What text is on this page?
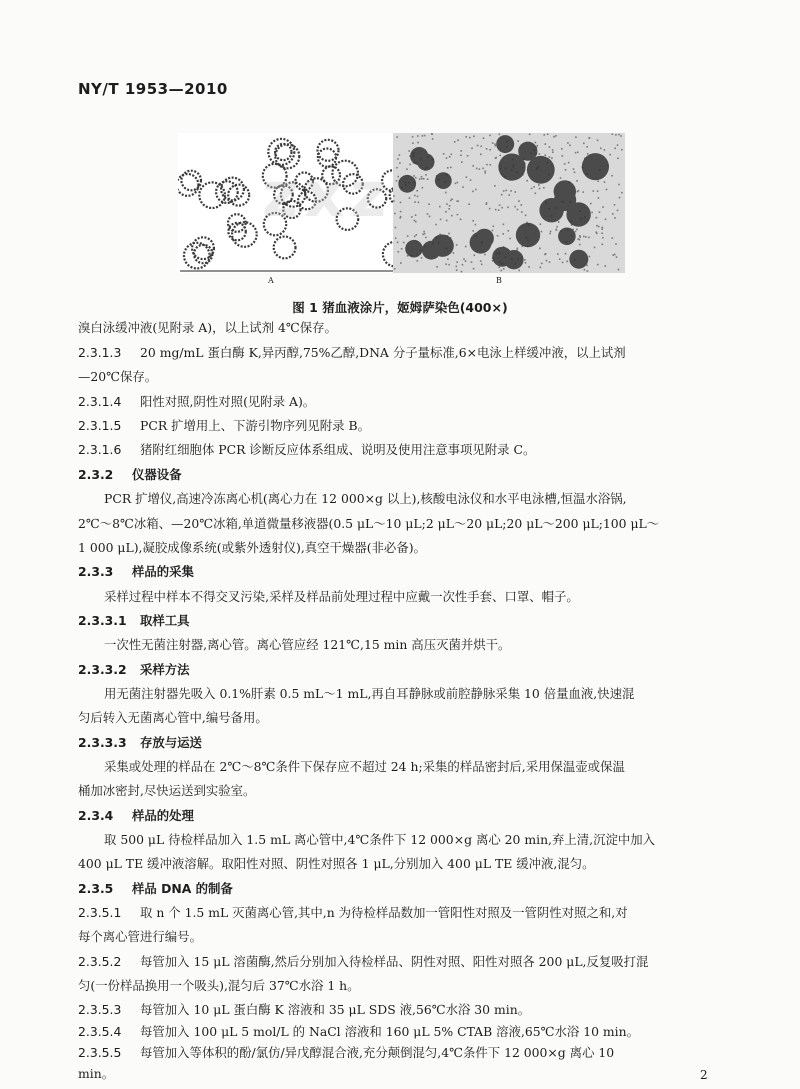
NY/T 1953—2010
A	B
zxz
图 1 猪血液涂片，姬姆萨染色(400×)
溴白泳缓冲液(见附录 A)，以上试剂 4℃保存。
2.3.1.3 20 mg/mL 蛋白酶 K,异丙醇,75%乙醇,DNA 分子量标准,6×电泳上样缓冲液，以上试剂
—20℃保存。
2.3.1.4 阳性对照,阴性对照(见附录 A)。
2.3.1.5 PCR 扩增用上、下游引物序列见附录 B。
2.3.1.6 猪附红细胞体 PCR 诊断反应体系组成、说明及使用注意事项见附录 C。
2.3.2 仪器设备
PCR 扩增仪,高速冷冻离心机(离心力在 12 000×g 以上),核酸电泳仪和水平电泳槽,恒温水浴锅,
2℃～8℃冰箱、—20℃冰箱,单道微量移液器(0.5 μL～10 μL;2 μL～20 μL;20 μL～200 μL;100 μL～
1 000 μL),凝胶成像系统(或紫外透射仪),真空干燥器(非必备)。
2.3.3 样品的采集
采样过程中样本不得交叉污染,采样及样品前处理过程中应戴一次性手套、口罩、帽子。
2.3.3.1 取样工具
一次性无菌注射器,离心管。离心管应经 121℃,15 min 高压灭菌并烘干。
2.3.3.2 采样方法
用无菌注射器先吸入 0.1%肝素 0.5 mL～1 mL,再自耳静脉或前腔静脉采集 10 倍量血液,快速混
匀后转入无菌离心管中,编号备用。
2.3.3.3 存放与运送
采集或处理的样品在 2℃～8℃条件下保存应不超过 24 h;采集的样品密封后,采用保温壶或保温
桶加冰密封,尽快运送到实验室。
2.3.4 样品的处理
取 500 μL 待检样品加入 1.5 mL 离心管中,4℃条件下 12 000×g 离心 20 min,弃上清,沉淀中加入
400 μL TE 缓冲液溶解。取阳性对照、阴性对照各 1 μL,分别加入 400 μL TE 缓冲液,混匀。
2.3.5 样品 DNA 的制备
2.3.5.1 取 n 个 1.5 mL 灭菌离心管,其中,n 为待检样品数加一管阳性对照及一管阴性对照之和,对
每个离心管进行编号。
2.3.5.2 每管加入 15 μL 溶菌酶,然后分别加入待检样品、阴性对照、阳性对照各 200 μL,反复吸打混
匀(一份样品换用一个吸头),混匀后 37℃水浴 1 h。
2.3.5.3 每管加入 10 μL 蛋白酶 K 溶液和 35 μL SDS 液,56℃水浴 30 min。
2.3.5.4 每管加入 100 μL 5 mol/L 的 NaCl 溶液和 160 μL 5% CTAB 溶液,65℃水浴 10 min。
2.3.5.5 每管加入等体积的酚/氯仿/异戊醇混合液,充分颠倒混匀,4℃条件下 12 000×g 离心 10
min。	2
